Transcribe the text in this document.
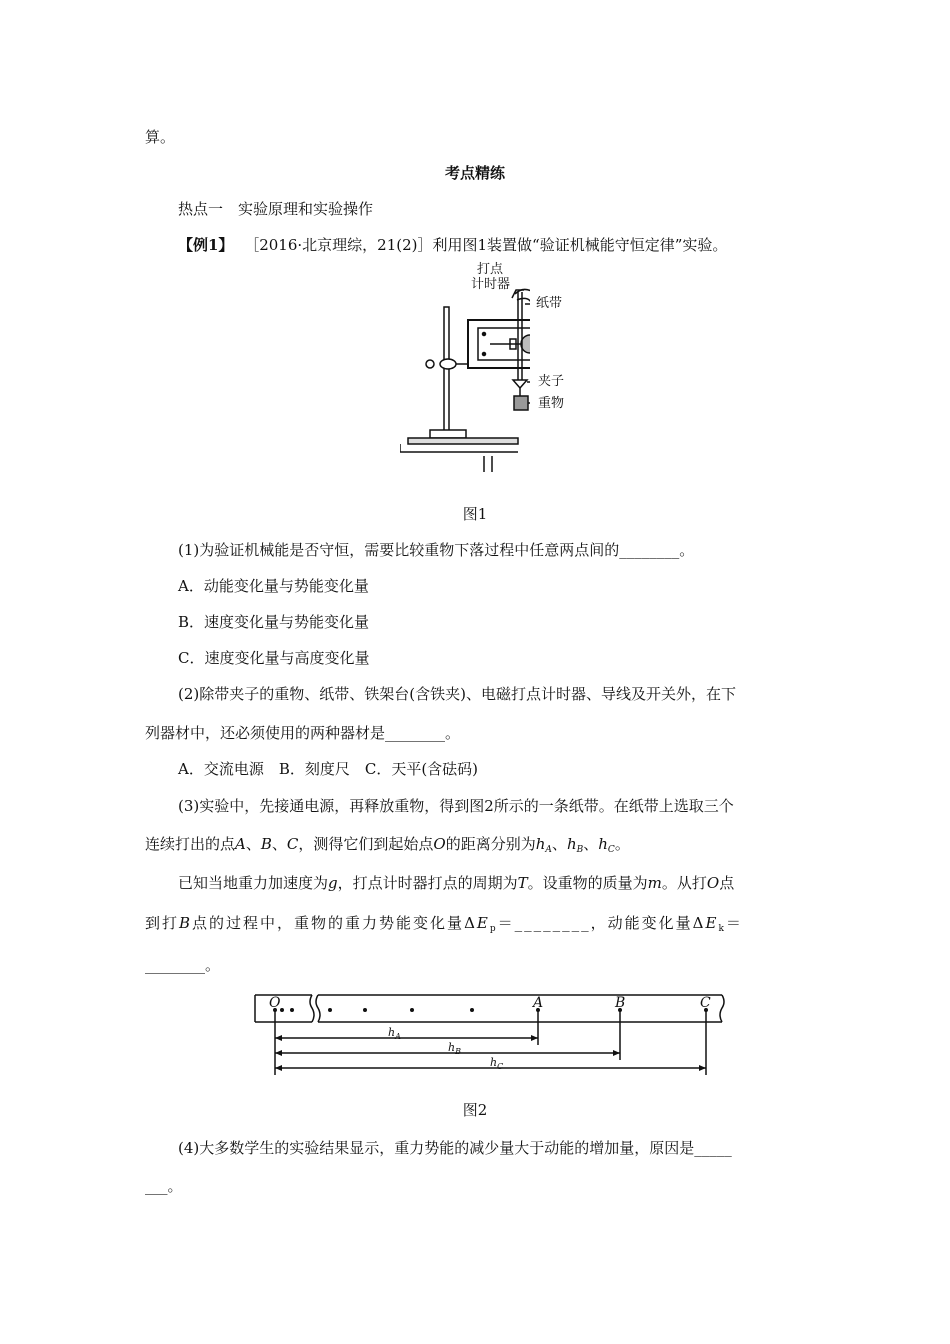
算。
考点精练
热点一　实验原理和实验操作
【例1】 ［2016·北京理综，21(2)］利用图1装置做“验证机械能守恒定律”实验。
打点
计时器
纸带
夹子
重物
图1
(1)为验证机械能是否守恒，需要比较重物下落过程中任意两点间的________。
A．动能变化量与势能变化量
B．速度变化量与势能变化量
C．速度变化量与高度变化量
(2)除带夹子的重物、纸带、铁架台(含铁夹)、电磁打点计时器、导线及开关外，在下
列器材中，还必须使用的两种器材是________。
A．交流电源　B．刻度尺　C．天平(含砝码)
(3)实验中，先接通电源，再释放重物，得到图2所示的一条纸带。在纸带上选取三个
连续打出的点A、B、C，测得它们到起始点O的距离分别为$h_A$、$h_B$、$h_C$。
已知当地重力加速度为g，打点计时器打点的周期为T。设重物的质量为m。从打O点
到打B点的过程中，重物的重力势能变化量$\Delta E_p=\_\_\_\_\_\_\_\_$，动能变化量$\Delta E_k=$
________。
O	A	B	C
$h_A$
$h_B$
$h_C$
图2
(4)大多数学生的实验结果显示，重力势能的减少量大于动能的增加量，原因是_____
___。
